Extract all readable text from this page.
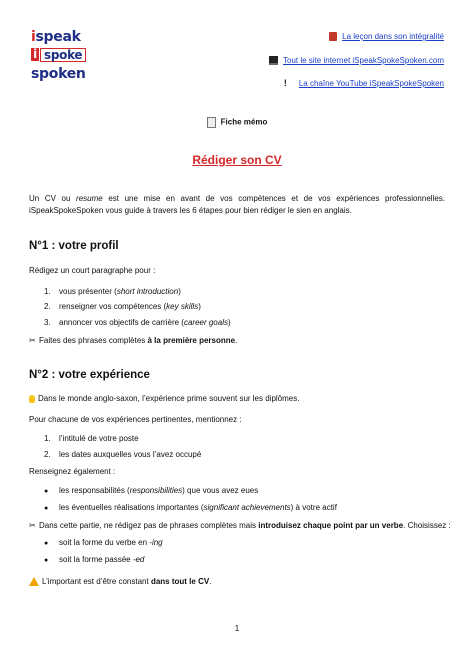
ispeak
i spoke
spoken
La leçon dans son intégralité
Tout le site internet iSpeakSpokeSpoken.com
! La chaîne YouTube iSpeakSpokeSpoken
Fiche mémo
Rédiger son CV

Un CV ou resume est une mise en avant de vos compétences et de vos expériences professionnelles. iSpeakSpokeSpoken vous guide à travers les 6 étapes pour bien rédiger le sien en anglais.

N°1 : votre profil
Rédigez un court paragraphe pour :
1. vous présenter (short introduction)
2. renseigner vos compétences (key skills)
3. annoncer vos objectifs de carrière (career goals)
✂ Faites des phrases complètes à la première personne.
N°2 : votre expérience
Dans le monde anglo-saxon, l’expérience prime souvent sur les diplômes.
Pour chacune de vos expériences pertinentes, mentionnez :
1. l’intitulé de votre poste
2. les dates auxquelles vous l’avez occupé
Renseignez également :
● les responsabilités (responsibilities) que vous avez eues
● les éventuelles réalisations importantes (significant achievements) à votre actif
✂ Dans cette partie, ne rédigez pas de phrases complètes mais introduisez chaque point par un verbe. Choisissez :
● soit la forme du verbe en -ing
● soit la forme passée -ed
L’important est d’être constant dans tout le CV.
1
